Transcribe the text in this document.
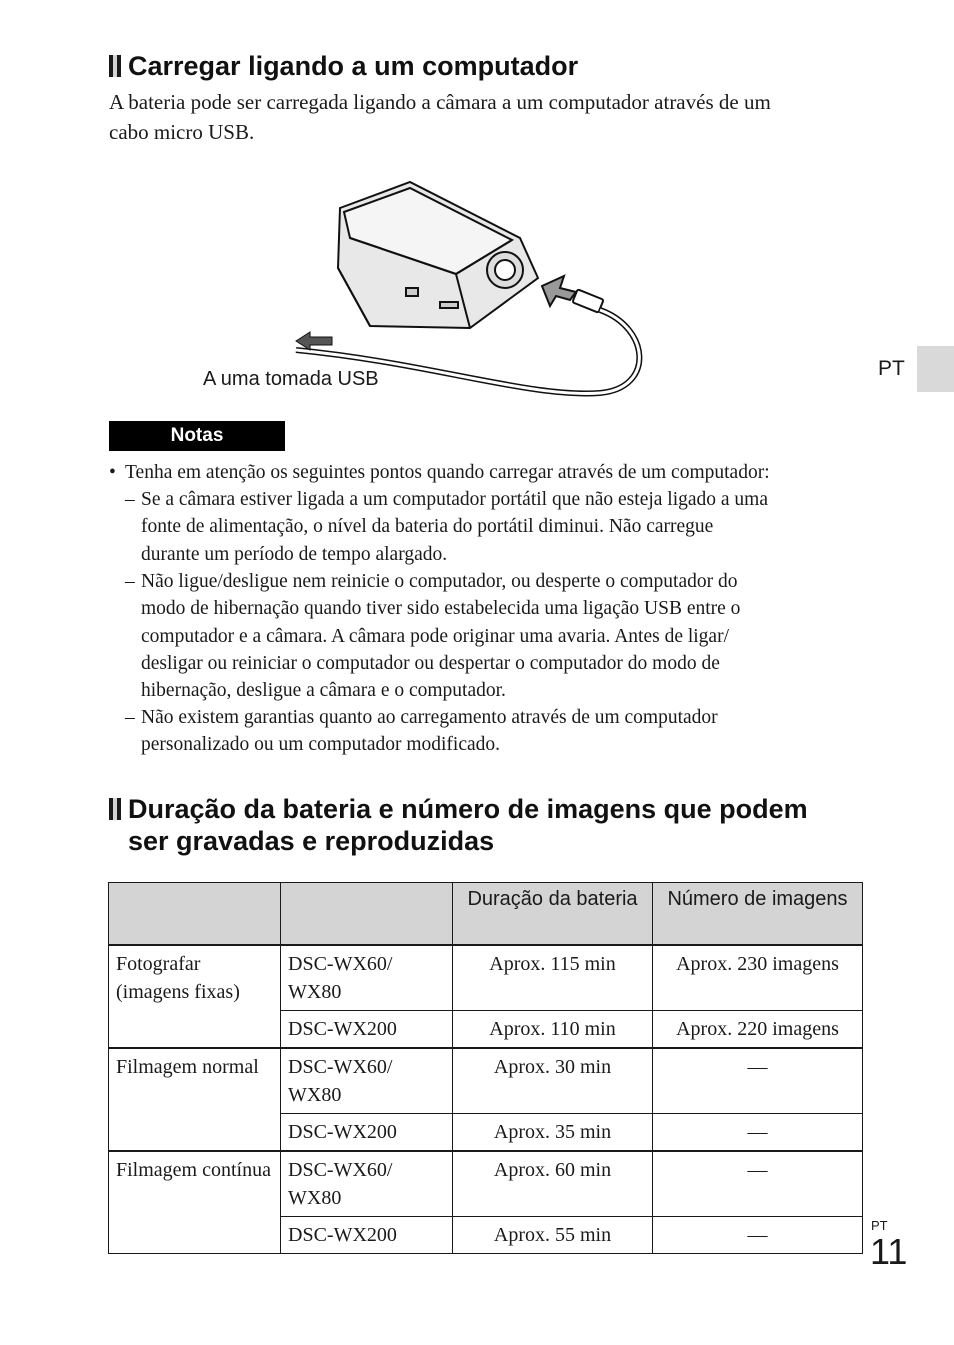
Carregar ligando a um computador
A bateria pode ser carregada ligando a câmara a um computador através de um
cabo micro USB.
A uma tomada USB	PT
Notas
• Tenha em atenção os seguintes pontos quando carregar através de um computador:
– Se a câmara estiver ligada a um computador portátil que não esteja ligado a uma
fonte de alimentação, o nível da bateria do portátil diminui. Não carregue
durante um período de tempo alargado.
– Não ligue/desligue nem reinicie o computador, ou desperte o computador do
modo de hibernação quando tiver sido estabelecida uma ligação USB entre o
computador e a câmara. A câmara pode originar uma avaria. Antes de ligar/
desligar ou reiniciar o computador ou despertar o computador do modo de
hibernação, desligue a câmara e o computador.
– Não existem garantias quanto ao carregamento através de um computador
personalizado ou um computador modificado.
Duração da bateria e número de imagens que podem
ser gravadas e reproduzidas
		Duração da bateria	Número de imagens
Fotografar (imagens fixas)	DSC-WX60/ WX80	Aprox. 115 min	Aprox. 230 imagens
	DSC-WX200	Aprox. 110 min	Aprox. 220 imagens
Filmagem normal	DSC-WX60/ WX80	Aprox. 30 min	—
	DSC-WX200	Aprox. 35 min	—
Filmagem contínua	DSC-WX60/ WX80	Aprox. 60 min	—
	DSC-WX200	Aprox. 55 min	—	PT
11
